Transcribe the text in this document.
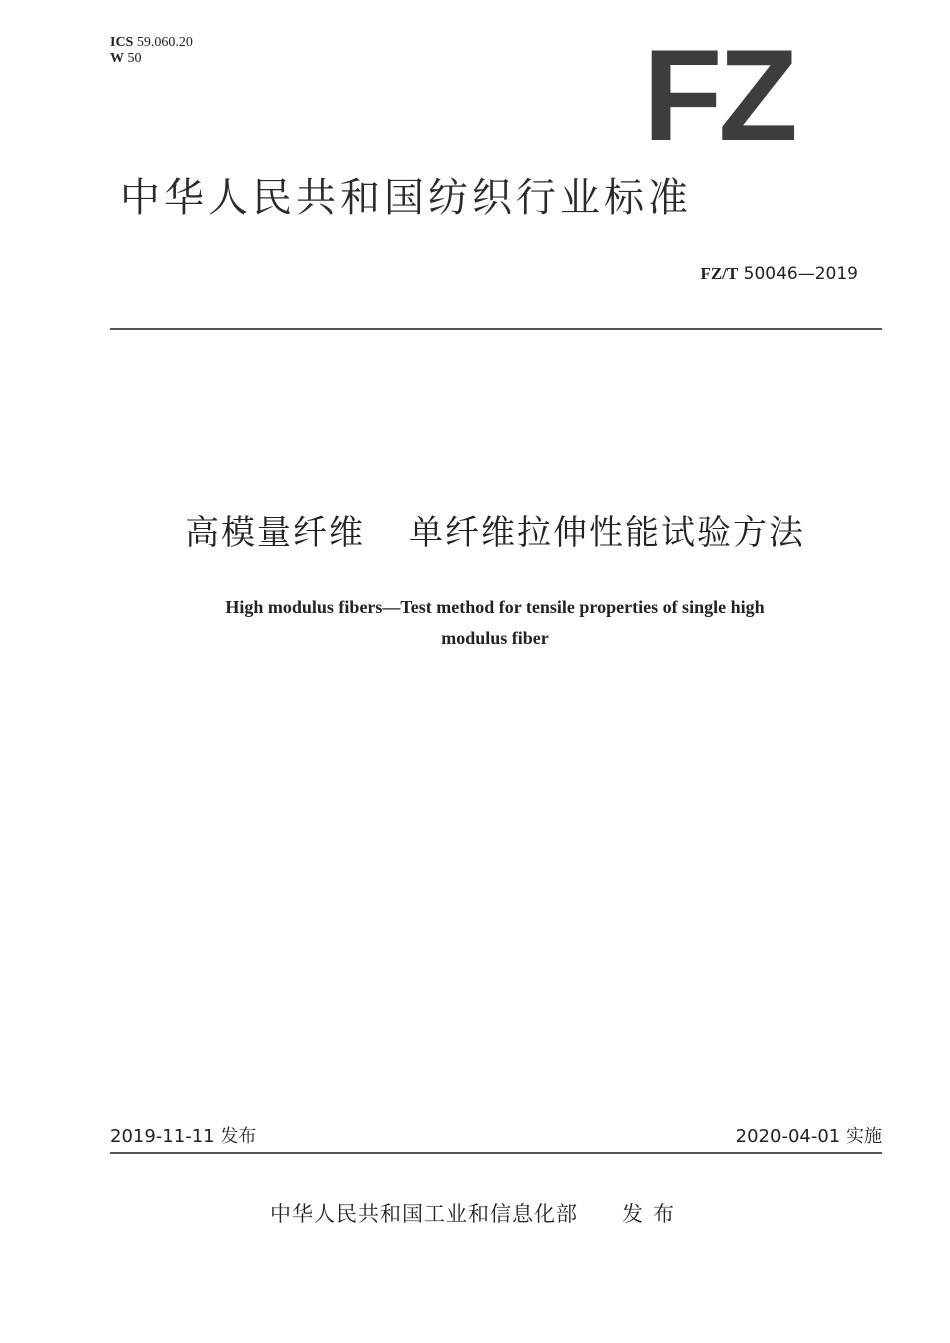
ICS 59.060.20
W 50	FZ
中华人民共和国纺织行业标准
FZ/T 50046—2019
高模量纤维 单纤维拉伸性能试验方法
High modulus fibers—Test method for tensile properties of single high
modulus fiber
2019-11-11 发布	2020-04-01 实施
中华人民共和国工业和信息化部 发布
